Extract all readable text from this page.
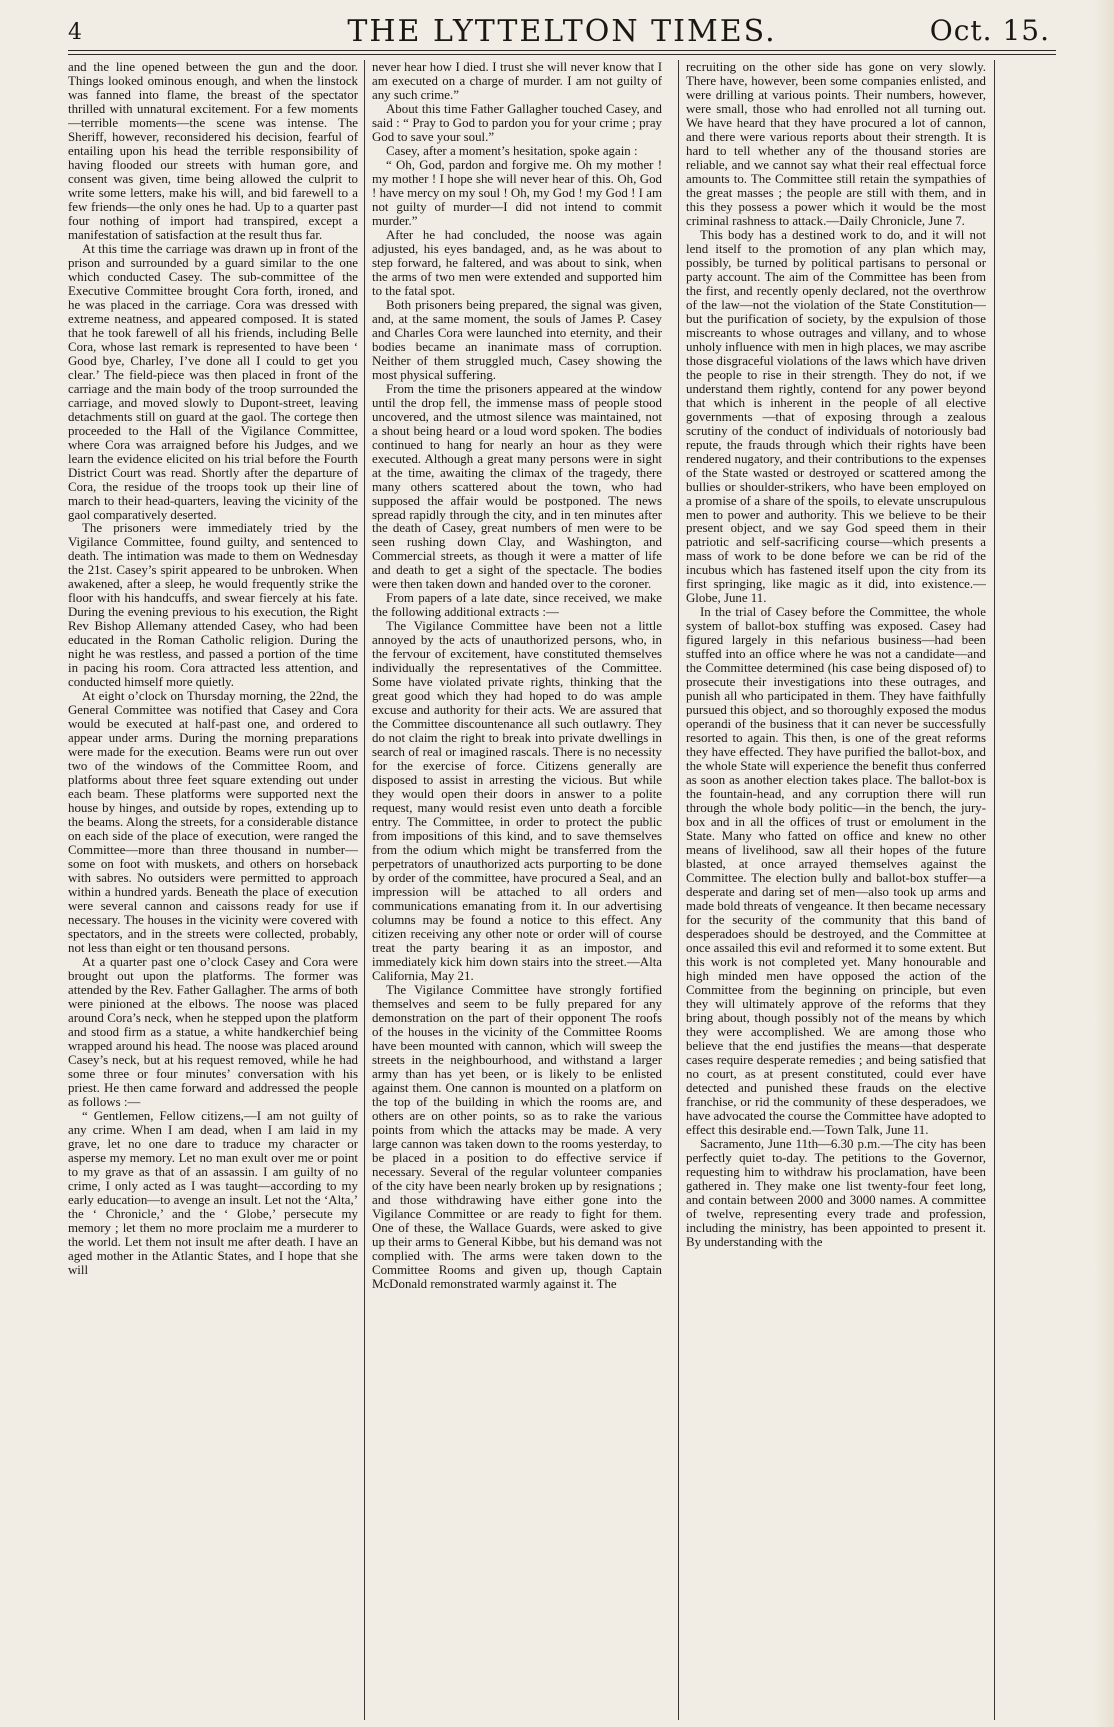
4	THE LYTTELTON TIMES.	Oct. 15.

and the line opened between the gun and the door. Things looked ominous enough, and when the linstock was fanned into flame, the breast of the spectator thrilled with unnatural excitement. For a few moments—terrible moments—the scene was intense. The Sheriff, however, reconsidered his decision, fearful of entailing upon his head the terrible responsibility of having flooded our streets with human gore, and consent was given, time being allowed the culprit to write some letters, make his will, and bid farewell to a few friends—the only ones he had. Up to a quarter past four nothing of import had transpired, except a manifestation of satisfaction at the result thus far.

At this time the carriage was drawn up in front of the prison and surrounded by a guard similar to the one which conducted Casey. The sub-committee of the Executive Committee brought Cora forth, ironed, and he was placed in the carriage. Cora was dressed with extreme neatness, and appeared composed. It is stated that he took farewell of all his friends, including Belle Cora, whose last remark is represented to have been ‘ Good bye, Charley, I’ve done all I could to get you clear.’ The field-piece was then placed in front of the carriage and the main body of the troop surrounded the carriage, and moved slowly to Dupont-street, leaving detachments still on guard at the gaol. The cortege then proceeded to the Hall of the Vigilance Committee, where Cora was arraigned before his Judges, and we learn the evidence elicited on his trial before the Fourth District Court was read. Shortly after the departure of Cora, the residue of the troops took up their line of march to their head-quarters, leaving the vicinity of the gaol comparatively deserted.

The prisoners were immediately tried by the Vigilance Committee, found guilty, and sentenced to death. The intimation was made to them on Wednesday the 21st. Casey’s spirit appeared to be unbroken. When awakened, after a sleep, he would frequently strike the floor with his handcuffs, and swear fiercely at his fate. During the evening previous to his execution, the Right Rev Bishop Allemany attended Casey, who had been educated in the Roman Catholic religion. During the night he was restless, and passed a portion of the time in pacing his room. Cora attracted less attention, and conducted himself more quietly.

At eight o’clock on Thursday morning, the 22nd, the General Committee was notified that Casey and Cora would be executed at half-past one, and ordered to appear under arms. During the morning preparations were made for the execution. Beams were run out over two of the windows of the Committee Room, and platforms about three feet square extending out under each beam. These platforms were supported next the house by hinges, and outside by ropes, extending up to the beams. Along the streets, for a considerable distance on each side of the place of execution, were ranged the Committee—more than three thousand in number—some on foot with muskets, and others on horseback with sabres. No outsiders were permitted to approach within a hundred yards. Beneath the place of execution were several cannon and caissons ready for use if necessary. The houses in the vicinity were covered with spectators, and in the streets were collected, probably, not less than eight or ten thousand persons.

At a quarter past one o’clock Casey and Cora were brought out upon the platforms. The former was attended by the Rev. Father Gallagher. The arms of both were pinioned at the elbows. The noose was placed around Cora’s neck, when he stepped upon the platform and stood firm as a statue, a white handkerchief being wrapped around his head. The noose was placed around Casey’s neck, but at his request removed, while he had some three or four minutes’ conversation with his priest. He then came forward and addressed the people as follows :—

“ Gentlemen, Fellow citizens,—I am not guilty of any crime. When I am dead, when I am laid in my grave, let no one dare to traduce my character or asperse my memory. Let no man exult over me or point to my grave as that of an assassin. I am guilty of no crime, I only acted as I was taught—according to my early education—to avenge an insult. Let not the ‘Alta,’ the ‘ Chronicle,’ and the ‘ Globe,’ persecute my memory ; let them no more proclaim me a murderer to the world. Let them not insult me after death. I have an aged mother in the Atlantic States, and I hope that she will

never hear how I died. I trust she will never know that I am executed on a charge of murder. I am not guilty of any such crime.”

About this time Father Gallagher touched Casey, and said : “ Pray to God to pardon you for your crime ; pray God to save your soul.”

Casey, after a moment’s hesitation, spoke again :

“ Oh, God, pardon and forgive me. Oh my mother ! my mother ! I hope she will never hear of this. Oh, God ! have mercy on my soul ! Oh, my God ! my God ! I am not guilty of murder—I did not intend to commit murder.”

After he had concluded, the noose was again adjusted, his eyes bandaged, and, as he was about to step forward, he faltered, and was about to sink, when the arms of two men were extended and supported him to the fatal spot.

Both prisoners being prepared, the signal was given, and, at the same moment, the souls of James P. Casey and Charles Cora were launched into eternity, and their bodies became an inanimate mass of corruption. Neither of them struggled much, Casey showing the most physical suffering.

From the time the prisoners appeared at the window until the drop fell, the immense mass of people stood uncovered, and the utmost silence was maintained, not a shout being heard or a loud word spoken. The bodies continued to hang for nearly an hour as they were executed. Although a great many persons were in sight at the time, awaiting the climax of the tragedy, there many others scattered about the town, who had supposed the affair would be postponed. The news spread rapidly through the city, and in ten minutes after the death of Casey, great numbers of men were to be seen rushing down Clay, and Washington, and Commercial streets, as though it were a matter of life and death to get a sight of the spectacle. The bodies were then taken down and handed over to the coroner.

From papers of a late date, since received, we make the following additional extracts :—

The Vigilance Committee have been not a little annoyed by the acts of unauthorized persons, who, in the fervour of excitement, have constituted themselves individually the representatives of the Committee. Some have violated private rights, thinking that the great good which they had hoped to do was ample excuse and authority for their acts. We are assured that the Committee discountenance all such outlawry. They do not claim the right to break into private dwellings in search of real or imagined rascals. There is no necessity for the exercise of force. Citizens generally are disposed to assist in arresting the vicious. But while they would open their doors in answer to a polite request, many would resist even unto death a forcible entry. The Committee, in order to protect the public from impositions of this kind, and to save themselves from the odium which might be transferred from the perpetrators of unauthorized acts purporting to be done by order of the committee, have procured a Seal, and an impression will be attached to all orders and communications emanating from it. In our advertising columns may be found a notice to this effect. Any citizen receiving any other note or order will of course treat the party bearing it as an impostor, and immediately kick him down stairs into the street.—Alta California, May 21.

The Vigilance Committee have strongly fortified themselves and seem to be fully prepared for any demonstration on the part of their opponent The roofs of the houses in the vicinity of the Committee Rooms have been mounted with cannon, which will sweep the streets in the neighbourhood, and withstand a larger army than has yet been, or is likely to be enlisted against them. One cannon is mounted on a platform on the top of the building in which the rooms are, and others are on other points, so as to rake the various points from which the attacks may be made. A very large cannon was taken down to the rooms yesterday, to be placed in a position to do effective service if necessary. Several of the regular volunteer companies of the city have been nearly broken up by resignations ; and those withdrawing have either gone into the Vigilance Committee or are ready to fight for them. One of these, the Wallace Guards, were asked to give up their arms to General Kibbe, but his demand was not complied with. The arms were taken down to the Committee Rooms and given up, though Captain McDonald remonstrated warmly against it. The

recruiting on the other side has gone on very slowly. There have, however, been some companies enlisted, and were drilling at various points. Their numbers, however, were small, those who had enrolled not all turning out. We have heard that they have procured a lot of cannon, and there were various reports about their strength. It is hard to tell whether any of the thousand stories are reliable, and we cannot say what their real effectual force amounts to. The Committee still retain the sympathies of the great masses ; the people are still with them, and in this they possess a power which it would be the most criminal rashness to attack.—Daily Chronicle, June 7.

This body has a destined work to do, and it will not lend itself to the promotion of any plan which may, possibly, be turned by political partisans to personal or party account. The aim of the Committee has been from the first, and recently openly declared, not the overthrow of the law—not the violation of the State Constitution—but the purification of society, by the expulsion of those miscreants to whose outrages and villany, and to whose unholy influence with men in high places, we may ascribe those disgraceful violations of the laws which have driven the people to rise in their strength. They do not, if we understand them rightly, contend for any power beyond that which is inherent in the people of all elective governments —that of exposing through a zealous scrutiny of the conduct of individuals of notoriously bad repute, the frauds through which their rights have been rendered nugatory, and their contributions to the expenses of the State wasted or destroyed or scattered among the bullies or shoulder-strikers, who have been employed on a promise of a share of the spoils, to elevate unscrupulous men to power and authority. This we believe to be their present object, and we say God speed them in their patriotic and self-sacrificing course—which presents a mass of work to be done before we can be rid of the incubus which has fastened itself upon the city from its first springing, like magic as it did, into existence.—Globe, June 11.

In the trial of Casey before the Committee, the whole system of ballot-box stuffing was exposed. Casey had figured largely in this nefarious business—had been stuffed into an office where he was not a candidate—and the Committee determined (his case being disposed of) to prosecute their investigations into these outrages, and punish all who participated in them. They have faithfully pursued this object, and so thoroughly exposed the modus operandi of the business that it can never be successfully resorted to again. This then, is one of the great reforms they have effected. They have purified the ballot-box, and the whole State will experience the benefit thus conferred as soon as another election takes place. The ballot-box is the fountain-head, and any corruption there will run through the whole body politic—in the bench, the jury-box and in all the offices of trust or emolument in the State. Many who fatted on office and knew no other means of livelihood, saw all their hopes of the future blasted, at once arrayed themselves against the Committee. The election bully and ballot-box stuffer—a desperate and daring set of men—also took up arms and made bold threats of vengeance. It then became necessary for the security of the community that this band of desperadoes should be destroyed, and the Committee at once assailed this evil and reformed it to some extent. But this work is not completed yet. Many honourable and high minded men have opposed the action of the Committee from the beginning on principle, but even they will ultimately approve of the reforms that they bring about, though possibly not of the means by which they were accomplished. We are among those who believe that the end justifies the means—that desperate cases require desperate remedies ; and being satisfied that no court, as at present constituted, could ever have detected and punished these frauds on the elective franchise, or rid the community of these desperadoes, we have advocated the course the Committee have adopted to effect this desirable end.—Town Talk, June 11.

Sacramento, June 11th—6.30 p.m.—The city has been perfectly quiet to-day. The petitions to the Governor, requesting him to withdraw his proclamation, have been gathered in. They make one list twenty-four feet long, and contain between 2000 and 3000 names. A committee of twelve, representing every trade and profession, including the ministry, has been appointed to present it. By understanding with the
